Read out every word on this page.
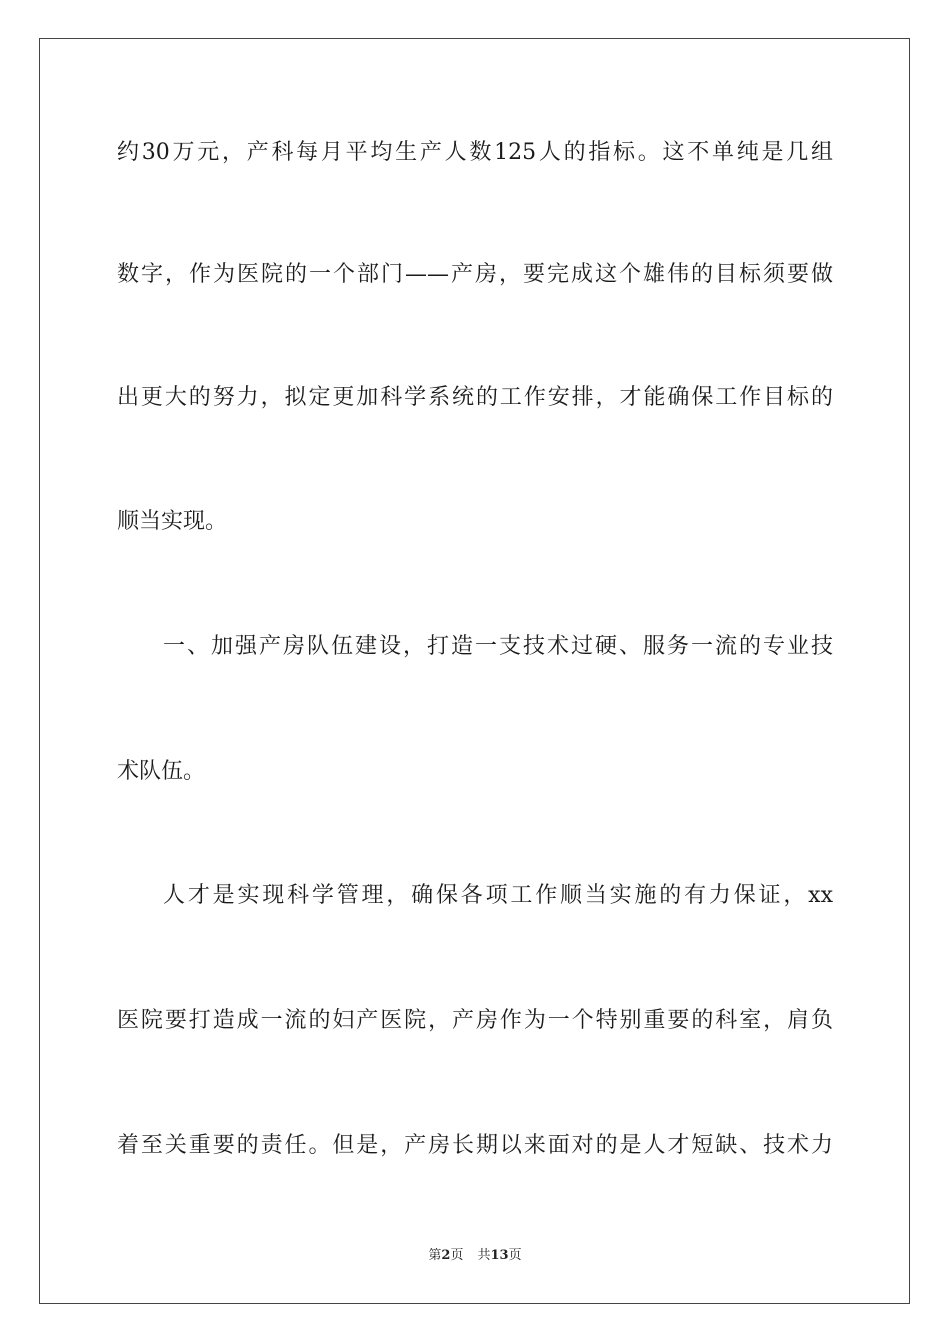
约30万元，产科每月平均生产人数125人的指标。这不单纯是几组
数字，作为医院的一个部门——产房，要完成这个雄伟的目标须要做
出更大的努力，拟定更加科学系统的工作安排，才能确保工作目标的
顺当实现。
一、加强产房队伍建设，打造一支技术过硬、服务一流的专业技
术队伍。
人才是实现科学管理，确保各项工作顺当实施的有力保证，xx
医院要打造成一流的妇产医院，产房作为一个特别重要的科室，肩负
着至关重要的责任。但是，产房长期以来面对的是人才短缺、技术力
第2页 共13页
